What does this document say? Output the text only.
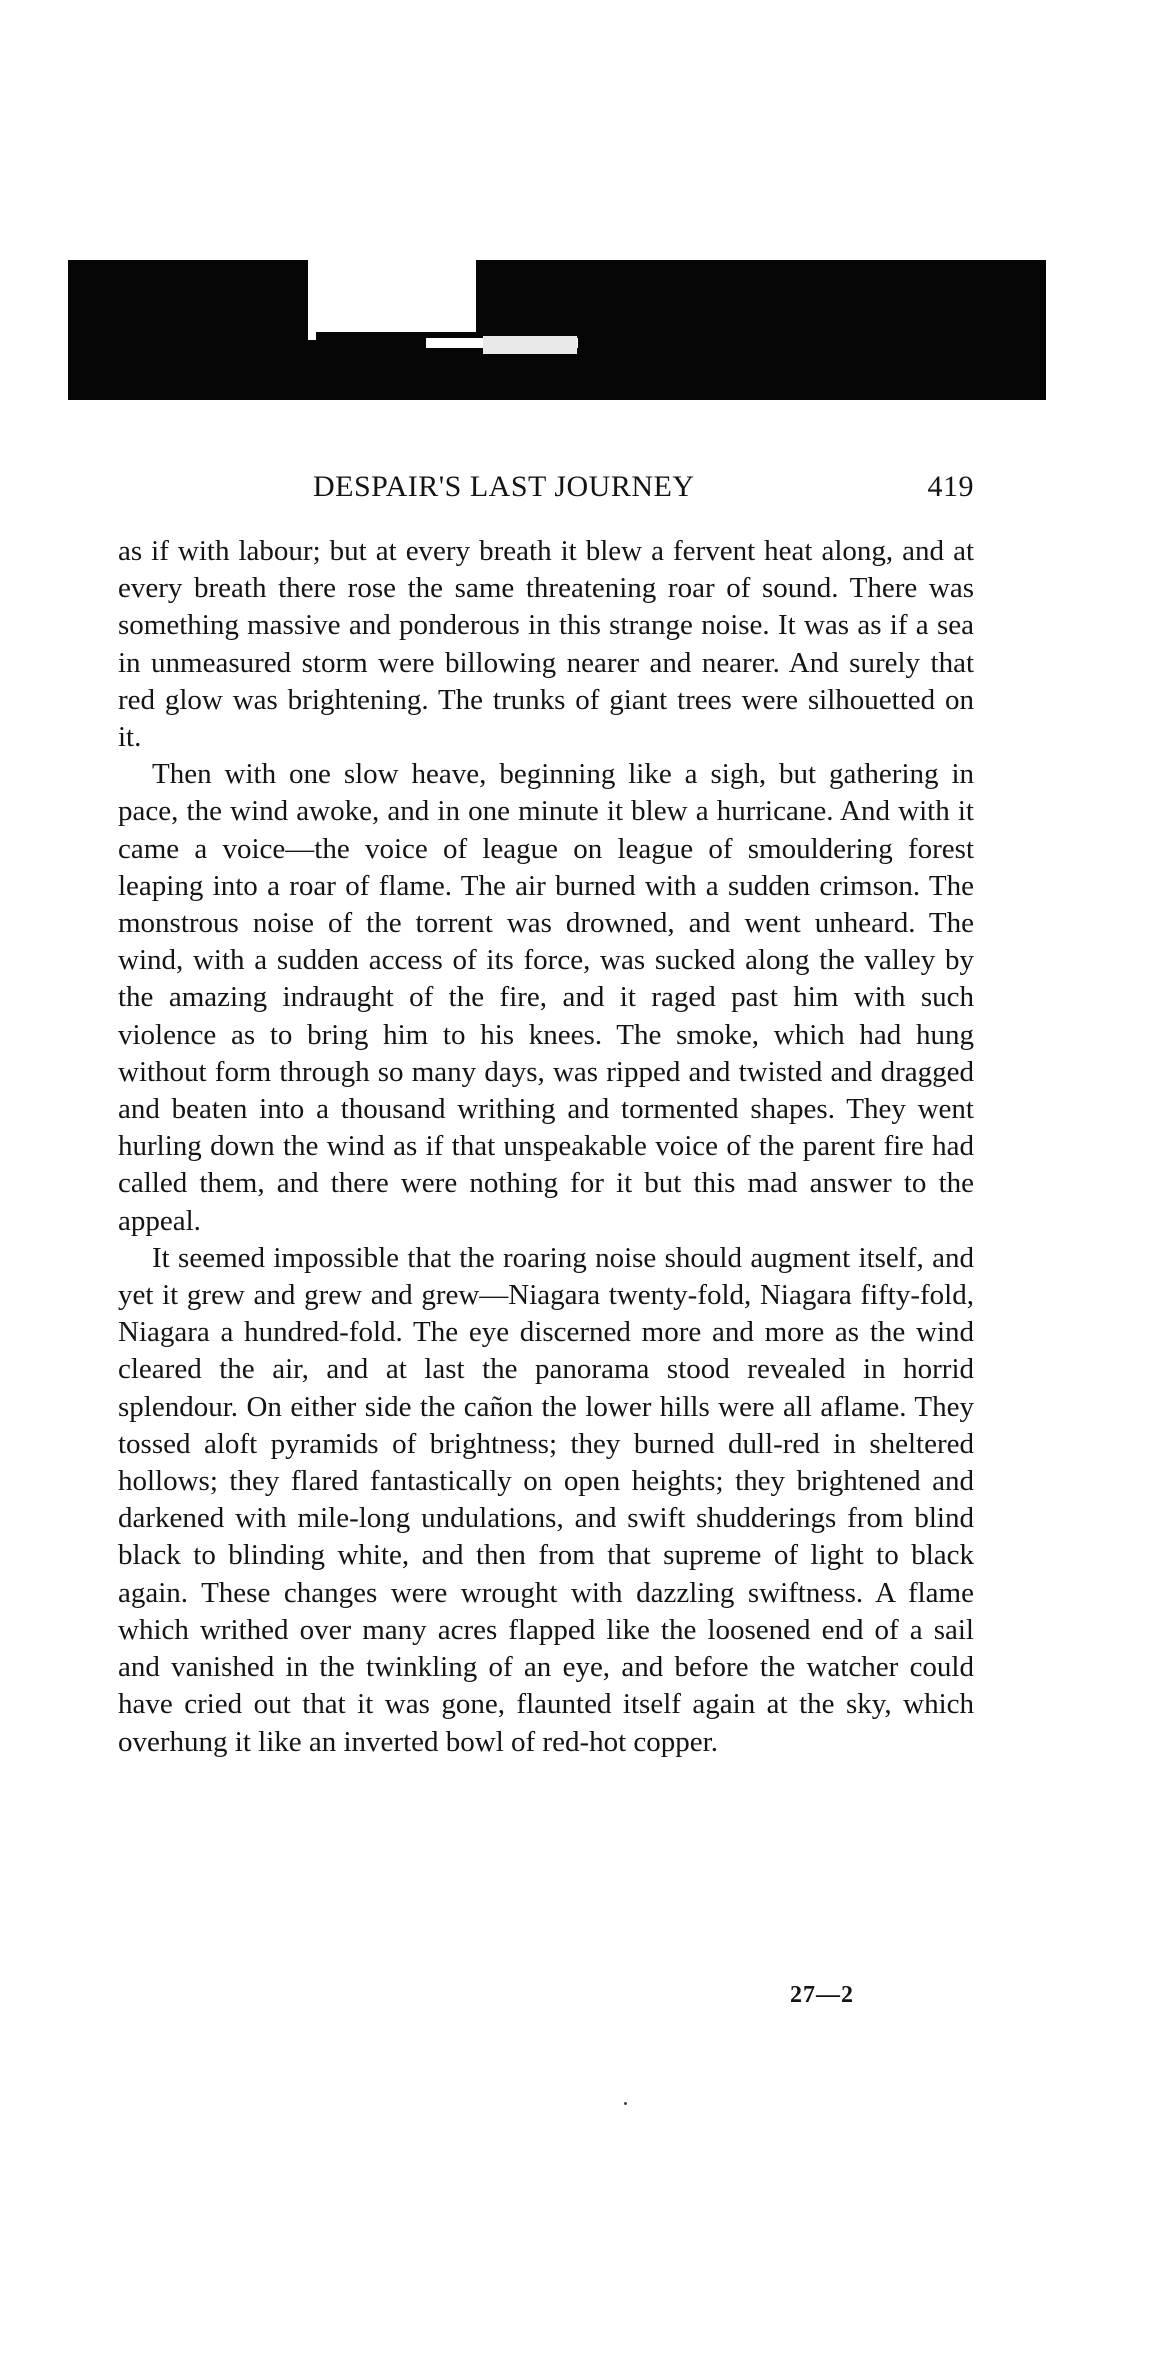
DESPAIR'S LAST JOURNEY	419

as if with labour; but at every breath it blew a fervent heat along, and at every breath there rose the same threatening roar of sound. There was something massive and ponderous in this strange noise. It was as if a sea in unmeasured storm were billowing nearer and nearer. And surely that red glow was brightening. The trunks of giant trees were silhouetted on it.

Then with one slow heave, beginning like a sigh, but gathering in pace, the wind awoke, and in one minute it blew a hurricane. And with it came a voice—the voice of league on league of smouldering forest leaping into a roar of flame. The air burned with a sudden crimson. The monstrous noise of the torrent was drowned, and went unheard. The wind, with a sudden access of its force, was sucked along the valley by the amazing indraught of the fire, and it raged past him with such violence as to bring him to his knees. The smoke, which had hung without form through so many days, was ripped and twisted and dragged and beaten into a thousand writhing and tormented shapes. They went hurling down the wind as if that unspeakable voice of the parent fire had called them, and there were nothing for it but this mad answer to the appeal.

It seemed impossible that the roaring noise should augment itself, and yet it grew and grew and grew—Niagara twenty-fold, Niagara fifty-fold, Niagara a hundred-fold. The eye discerned more and more as the wind cleared the air, and at last the panorama stood revealed in horrid splendour. On either side the cañon the lower hills were all aflame. They tossed aloft pyramids of brightness; they burned dull-red in sheltered hollows; they flared fantastically on open heights; they brightened and darkened with mile-long undulations, and swift shudderings from blind black to blinding white, and then from that supreme of light to black again. These changes were wrought with dazzling swiftness. A flame which writhed over many acres flapped like the loosened end of a sail and vanished in the twinkling of an eye, and before the watcher could have cried out that it was gone, flaunted itself again at the sky, which overhung it like an inverted bowl of red-hot copper.

27—2
